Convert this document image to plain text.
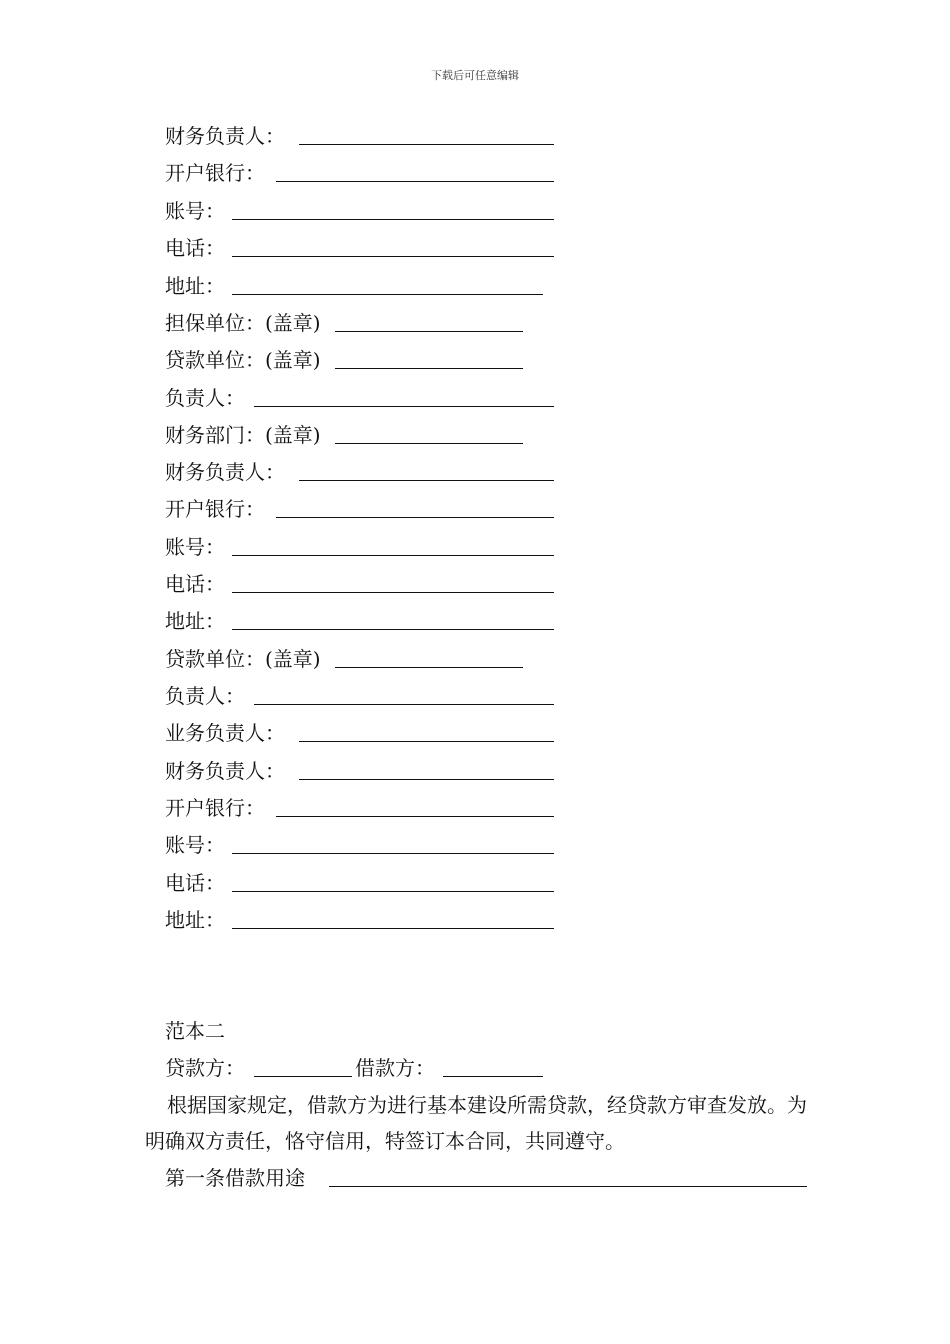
下载后可任意编辑
财务负责人：
开户银行：
账号：
电话：
地址：
担保单位：(盖章)
贷款单位：(盖章)
负责人：
财务部门：(盖章)
财务负责人：
开户银行：
账号：
电话：
地址：
贷款单位：(盖章)
负责人：
业务负责人：
财务负责人：
开户银行：
账号：
电话：
地址：
范本二
贷款方：	借款方：
根据国家规定，借款方为进行基本建设所需贷款，经贷款方审查发放。为明确双方责任，恪守信用，特签订本合同，共同遵守。
第一条借款用途
